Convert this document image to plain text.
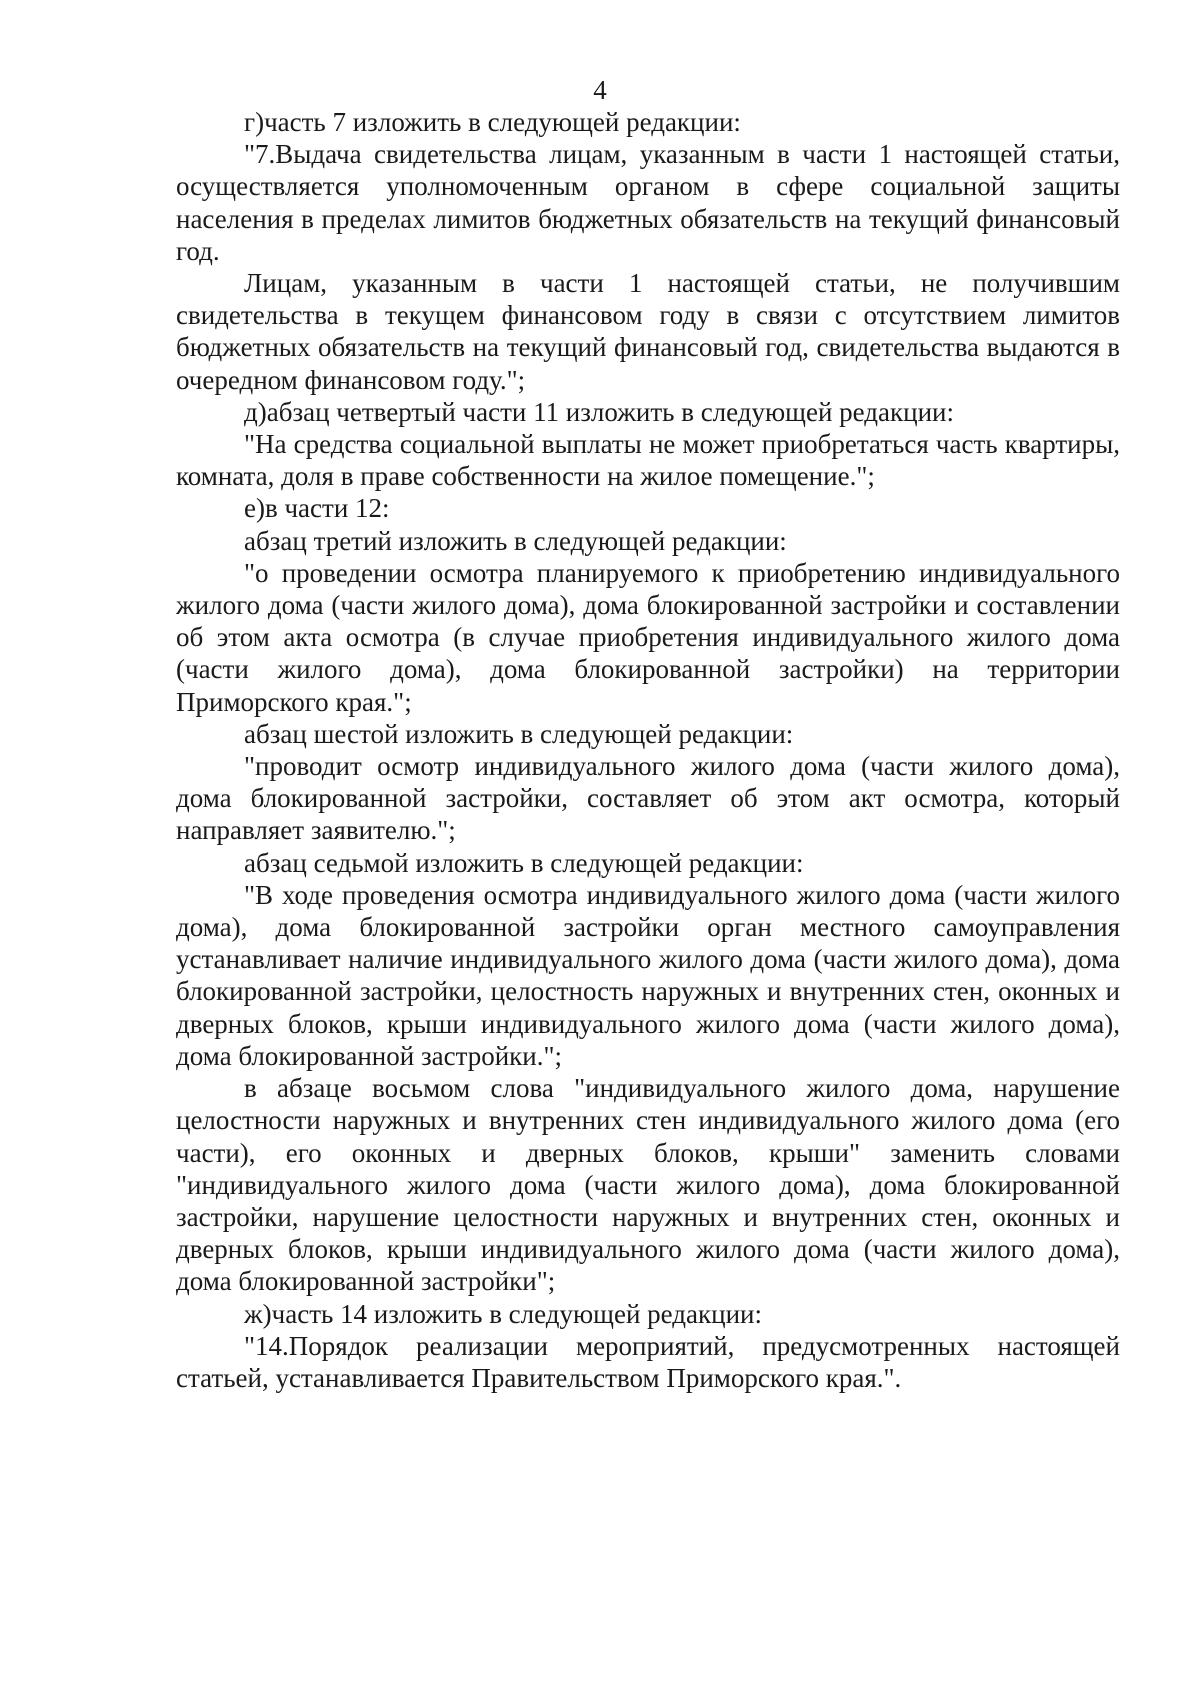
4

г)часть 7 изложить в следующей редакции:

"7.Выдача свидетельства лицам, указанным в части 1 настоящей статьи, осуществляется уполномоченным органом в сфере социальной защиты населения в пределах лимитов бюджетных обязательств на текущий финансовый год.

Лицам, указанным в части 1 настоящей статьи, не получившим свидетельства в текущем финансовом году в связи с отсутствием лимитов бюджетных обязательств на текущий финансовый год, свидетельства выдаются в очередном финансовом году.";

д)абзац четвертый части 11 изложить в следующей редакции:

"На средства социальной выплаты не может приобретаться часть квартиры, комната, доля в праве собственности на жилое помещение.";

е)в части 12:

абзац третий изложить в следующей редакции:

"о проведении осмотра планируемого к приобретению индивидуального жилого дома (части жилого дома), дома блокированной застройки и составлении об этом акта осмотра (в случае приобретения индивидуального жилого дома (части жилого дома), дома блокированной застройки) на территории Приморского края.";

абзац шестой изложить в следующей редакции:

"проводит осмотр индивидуального жилого дома (части жилого дома), дома блокированной застройки, составляет об этом акт осмотра, который направляет заявителю.";

абзац седьмой изложить в следующей редакции:

"В ходе проведения осмотра индивидуального жилого дома (части жилого дома), дома блокированной застройки орган местного самоуправления устанавливает наличие индивидуального жилого дома (части жилого дома), дома блокированной застройки, целостность наружных и внутренних стен, оконных и дверных блоков, крыши индивидуального жилого дома (части жилого дома), дома блокированной застройки.";

в абзаце восьмом слова "индивидуального жилого дома, нарушение целостности наружных и внутренних стен индивидуального жилого дома (его части), его оконных и дверных блоков, крыши" заменить словами "индивидуального жилого дома (части жилого дома), дома блокированной застройки, нарушение целостности наружных и внутренних стен, оконных и дверных блоков, крыши индивидуального жилого дома (части жилого дома), дома блокированной застройки";

ж)часть 14 изложить в следующей редакции:

"14.Порядок реализации мероприятий, предусмотренных настоящей статьей, устанавливается Правительством Приморского края.".
